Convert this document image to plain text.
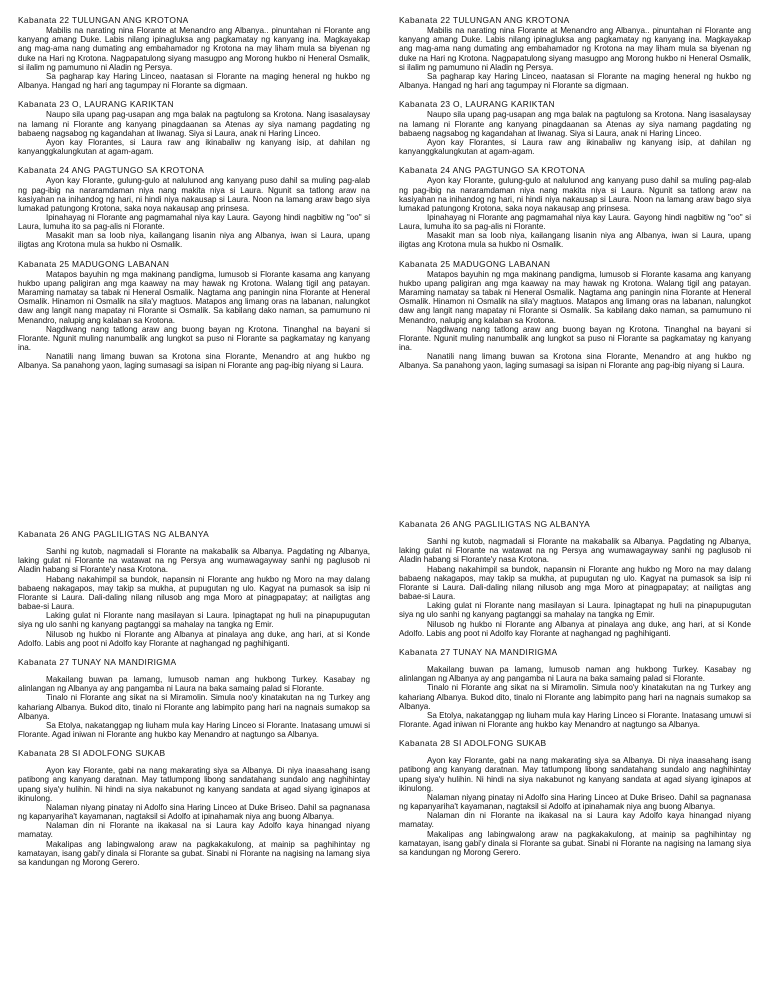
Kabanata 22 TULUNGAN ANG KROTONA

Mabilis na narating nina Florante at Menandro ang Albanya.. pinuntahan ni Florante ang kanyang amang Duke. Labis nilang ipinagluksa ang pagkamatay ng kanyang ina. Magkayakap ang mag-ama nang dumating ang embahamador ng Krotona na may liham mula sa biyenan ng duke na Hari ng Krotona. Nagpapatulong siyang masugpo ang Morong hukbo ni Heneral Osmalik, si ilalim ng pamumuno ni Aladin ng Persya.

Sa pagharap kay Haring Linceo, naatasan si Florante na maging heneral ng hukbo ng Albanya. Hangad ng hari ang tagumpay ni Florante sa digmaan.

Kabanata 23 O, LAURANG KARIKTAN

Naupo sila upang pag-usapan ang mga balak na pagtulong sa Krotona. Nang isasalaysay na lamang ni Florante ang kanyang pinagdaanan sa Atenas ay siya namang pagdating ng babaeng nagsabog ng kagandahan at liwanag. Siya si Laura, anak ni Haring Linceo.

Ayon kay Florantes, si Laura raw ang ikinabaliw ng kanyang isip, at dahilan ng kanyanggkalungkutan at agam-agam.

Kabanata 24 ANG PAGTUNGO SA KROTONA

Ayon kay Florante, gulung-gulo at nalulunod ang kanyang puso dahil sa muling pag-alab ng pag-ibig na nararamdaman niya nang makita niya si Laura. Ngunit sa tatlong araw na kasiyahan na inihandog ng hari, ni hindi niya nakausap si Laura. Noon na lamang araw bago siya lumakad patungong Krotona, saka noya nakausap ang prinsesa.

Ipinahayag ni Florante ang pagmamahal niya kay Laura. Gayong hindi nagbitiw ng "oo" si Laura, lumuha ito sa pag-alis ni Florante.

Masakit man sa loob niya, kailangang lisanin niya ang Albanya, iwan si Laura, upang iligtas ang Krotona mula sa hukbo ni Osmalik.

Kabanata 25 MADUGONG LABANAN

Matapos bayuhin ng mga makinang pandigma, lumusob si Florante kasama ang kanyang hukbo upang paligiran ang mga kaaway na may hawak ng Krotona. Walang tigil ang patayan. Maraming namatay sa tabak ni Heneral Osmalik. Nagtama ang paningin nina Florante at Heneral Osmalik. Hinamon ni Osmalik na sila'y magtuos. Matapos ang limang oras na labanan, nalungkot daw ang langit nang mapatay ni Florante si Osmalik. Sa kabilang dako naman, sa pamumuno ni Menandro, nalupig ang kalaban sa Krotona.

Nagdiwang nang tatlong araw ang buong bayan ng Krotona. Tinanghal na bayani si Florante. Ngunit muling nanumbalik ang lungkot sa puso ni Florante sa pagkamatay ng kanyang ina.

Nanatili nang limang buwan sa Krotona sina Florante, Menandro at ang hukbo ng Albanya. Sa panahong yaon, laging sumasagi sa isipan ni Florante ang pag-ibig niyang si Laura.

Kabanata 22 TULUNGAN ANG KROTONA

Mabilis na narating nina Florante at Menandro ang Albanya.. pinuntahan ni Florante ang kanyang amang Duke. Labis nilang ipinagluksa ang pagkamatay ng kanyang ina. Magkayakap ang mag-ama nang dumating ang embahamador ng Krotona na may liham mula sa biyenan ng duke na Hari ng Krotona. Nagpapatulong siyang masugpo ang Morong hukbo ni Heneral Osmalik, si ilalim ng pamumuno ni Aladin ng Persya.

Sa pagharap kay Haring Linceo, naatasan si Florante na maging heneral ng hukbo ng Albanya. Hangad ng hari ang tagumpay ni Florante sa digmaan.

Kabanata 23 O, LAURANG KARIKTAN

Naupo sila upang pag-usapan ang mga balak na pagtulong sa Krotona. Nang isasalaysay na lamang ni Florante ang kanyang pinagdaanan sa Atenas ay siya namang pagdating ng babaeng nagsabog ng kagandahan at liwanag. Siya si Laura, anak ni Haring Linceo.

Ayon kay Florantes, si Laura raw ang ikinabaliw ng kanyang isip, at dahilan ng kanyanggkalungkutan at agam-agam.

Kabanata 24 ANG PAGTUNGO SA KROTONA

Ayon kay Florante, gulung-gulo at nalulunod ang kanyang puso dahil sa muling pag-alab ng pag-ibig na nararamdaman niya nang makita niya si Laura. Ngunit sa tatlong araw na kasiyahan na inihandog ng hari, ni hindi niya nakausap si Laura. Noon na lamang araw bago siya lumakad patungong Krotona, saka noya nakausap ang prinsesa.

Ipinahayag ni Florante ang pagmamahal niya kay Laura. Gayong hindi nagbitiw ng "oo" si Laura, lumuha ito sa pag-alis ni Florante.

Masakit man sa loob niya, kailangang lisanin niya ang Albanya, iwan si Laura, upang iligtas ang Krotona mula sa hukbo ni Osmalik.

Kabanata 25 MADUGONG LABANAN

Matapos bayuhin ng mga makinang pandigma, lumusob si Florante kasama ang kanyang hukbo upang paligiran ang mga kaaway na may hawak ng Krotona. Walang tigil ang patayan. Maraming namatay sa tabak ni Heneral Osmalik. Nagtama ang paningin nina Florante at Heneral Osmalik. Hinamon ni Osmalik na sila'y magtuos. Matapos ang limang oras na labanan, nalungkot daw ang langit nang mapatay ni Florante si Osmalik. Sa kabilang dako naman, sa pamumuno ni Menandro, nalupig ang kalaban sa Krotona.

Nagdiwang nang tatlong araw ang buong bayan ng Krotona. Tinanghal na bayani si Florante. Ngunit muling nanumbalik ang lungkot sa puso ni Florante sa pagkamatay ng kanyang ina.

Nanatili nang limang buwan sa Krotona sina Florante, Menandro at ang hukbo ng Albanya. Sa panahong yaon, laging sumasagi sa isipan ni Florante ang pag-ibig niyang si Laura.

Kabanata 26 ANG PAGLILIGTAS NG ALBANYA

Sanhi ng kutob, nagmadali si Florante na makabalik sa Albanya. Pagdating ng Albanya, laking gulat ni Florante na watawat na ng Persya ang wumawagayway sanhi ng paglusob ni Aladin habang si Florante'y nasa Krotona.

Habang nakahimpil sa bundok, napansin ni Florante ang hukbo ng Moro na may dalang babaeng nakagapos, may takip sa mukha, at pupugutan ng ulo. Kagyat na pumasok sa isip ni Florante si Laura. Dali-daling nilang nilusob ang mga Moro at pinagpapatay; at nailigtas ang babae-si Laura.

Laking gulat ni Florante nang masilayan si Laura. Ipinagtapat ng huli na pinapupugutan siya ng ulo sanhi ng kanyang pagtanggi sa mahalay na tangka ng Emir.

Nilusob ng hukbo ni Florante ang Albanya at pinalaya ang duke, ang hari, at si Konde Adolfo. Labis ang poot ni Adolfo kay Florante at naghangad ng paghihiganti.

Kabanata 27 TUNAY NA MANDIRIGMA

Makailang buwan pa lamang, lumusob naman ang hukbong Turkey. Kasabay ng alinlangan ng Albanya ay ang pangamba ni Laura na baka samaing palad si Florante.

Tinalo ni Florante ang sikat na si Miramolin. Simula noo'y kinatakutan na ng Turkey ang kahariang Albanya. Bukod dito, tinalo ni Florante ang labimpito pang hari na nagnais sumakop sa Albanya.

Sa Etolya, nakatanggap ng liuham mula kay Haring Linceo si Florante. Inatasang umuwi si Florante. Agad iniwan ni Florante ang hukbo kay Menandro at nagtungo sa Albanya.

Kabanata 28 SI ADOLFONG SUKAB

Ayon kay Florante, gabi na nang makarating siya sa Albanya. Di niya inaasahang isang patibong ang kanyang daratnan. May tatlumpong libong sandatahang sundalo ang naghihintay upang siya'y hulihin. Ni hindi na siya nakabunot ng kanyang sandata at agad siyang iginapos at ikinulong.

Nalaman niyang pinatay ni Adolfo sina Haring Linceo at Duke Briseo. Dahil sa pagnanasa ng kapanyariha't kayamanan, nagtaksil si Adolfo at ipinahamak niya ang buong Albanya.

Nalaman din ni Florante na ikakasal na si Laura kay Adolfo kaya hinangad niyang mamatay.

Makalipas ang labingwalong araw na pagkakakulong, at mainip sa paghihintay ng kamatayan, isang gabi'y dinala si Florante sa gubat. Sinabi ni Florante na nagising na lamang siya sa kandungan ng Morong Gerero.

Kabanata 26 ANG PAGLILIGTAS NG ALBANYA

Sanhi ng kutob, nagmadali si Florante na makabalik sa Albanya. Pagdating ng Albanya, laking gulat ni Florante na watawat na ng Persya ang wumawagayway sanhi ng paglusob ni Aladin habang si Florante'y nasa Krotona.

Habang nakahimpil sa bundok, napansin ni Florante ang hukbo ng Moro na may dalang babaeng nakagapos, may takip sa mukha, at pupugutan ng ulo. Kagyat na pumasok sa isip ni Florante si Laura. Dali-daling nilang nilusob ang mga Moro at pinagpapatay; at nailigtas ang babae-si Laura.

Laking gulat ni Florante nang masilayan si Laura. Ipinagtapat ng huli na pinapupugutan siya ng ulo sanhi ng kanyang pagtanggi sa mahalay na tangka ng Emir.

Nilusob ng hukbo ni Florante ang Albanya at pinalaya ang duke, ang hari, at si Konde Adolfo. Labis ang poot ni Adolfo kay Florante at naghangad ng paghihiganti.

Kabanata 27 TUNAY NA MANDIRIGMA

Makailang buwan pa lamang, lumusob naman ang hukbong Turkey. Kasabay ng alinlangan ng Albanya ay ang pangamba ni Laura na baka samaing palad si Florante.

Tinalo ni Florante ang sikat na si Miramolin. Simula noo'y kinatakutan na ng Turkey ang kahariang Albanya. Bukod dito, tinalo ni Florante ang labimpito pang hari na nagnais sumakop sa Albanya.

Sa Etolya, nakatanggap ng liuham mula kay Haring Linceo si Florante. Inatasang umuwi si Florante. Agad iniwan ni Florante ang hukbo kay Menandro at nagtungo sa Albanya.

Kabanata 28 SI ADOLFONG SUKAB

Ayon kay Florante, gabi na nang makarating siya sa Albanya. Di niya inaasahang isang patibong ang kanyang daratnan. May tatlumpong libong sandatahang sundalo ang naghihintay upang siya'y hulihin. Ni hindi na siya nakabunot ng kanyang sandata at agad siyang iginapos at ikinulong.

Nalaman niyang pinatay ni Adolfo sina Haring Linceo at Duke Briseo. Dahil sa pagnanasa ng kapanyariha't kayamanan, nagtaksil si Adolfo at ipinahamak niya ang buong Albanya.

Nalaman din ni Florante na ikakasal na si Laura kay Adolfo kaya hinangad niyang mamatay.

Makalipas ang labingwalong araw na pagkakakulong, at mainip sa paghihintay ng kamatayan, isang gabi'y dinala si Florante sa gubat. Sinabi ni Florante na nagising na lamang siya sa kandungan ng Morong Gerero.
